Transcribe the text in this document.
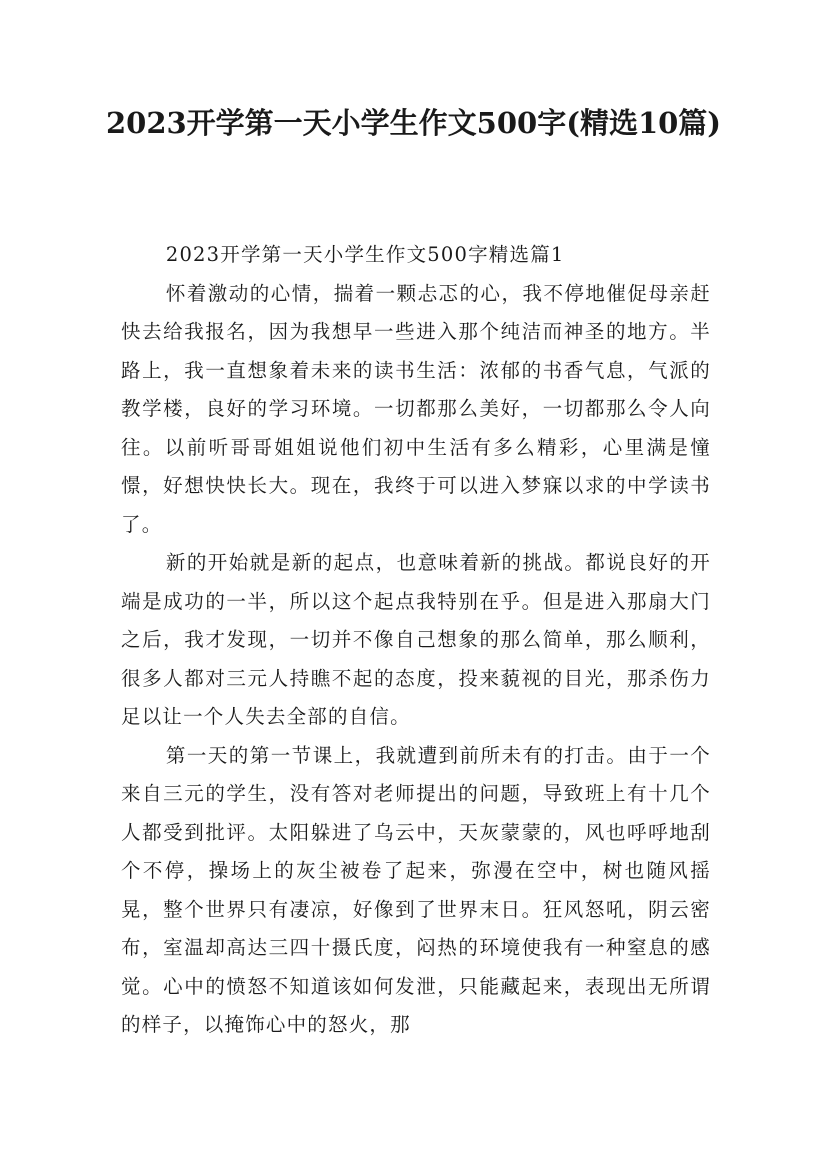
2023开学第一天小学生作文500字(精选10篇)

2023开学第一天小学生作文500字精选篇1

怀着激动的心情，揣着一颗忐忑的心，我不停地催促母亲赶快去给我报名，因为我想早一些进入那个纯洁而神圣的地方。半路上，我一直想象着未来的读书生活：浓郁的书香气息，气派的教学楼，良好的学习环境。一切都那么美好，一切都那么令人向往。以前听哥哥姐姐说他们初中生活有多么精彩，心里满是憧憬，好想快快长大。现在，我终于可以进入梦寐以求的中学读书了。

新的开始就是新的起点，也意味着新的挑战。都说良好的开端是成功的一半，所以这个起点我特别在乎。但是进入那扇大门之后，我才发现，一切并不像自己想象的那么简单，那么顺利，很多人都对三元人持瞧不起的态度，投来藐视的目光，那杀伤力足以让一个人失去全部的自信。

第一天的第一节课上，我就遭到前所未有的打击。由于一个来自三元的学生，没有答对老师提出的问题，导致班上有十几个人都受到批评。太阳躲进了乌云中，天灰蒙蒙的，风也呼呼地刮个不停，操场上的灰尘被卷了起来，弥漫在空中，树也随风摇晃，整个世界只有凄凉，好像到了世界末日。狂风怒吼，阴云密布，室温却高达三四十摄氏度，闷热的环境使我有一种窒息的感觉。心中的愤怒不知道该如何发泄，只能藏起来，表现出无所谓的样子，以掩饰心中的怒火，那
